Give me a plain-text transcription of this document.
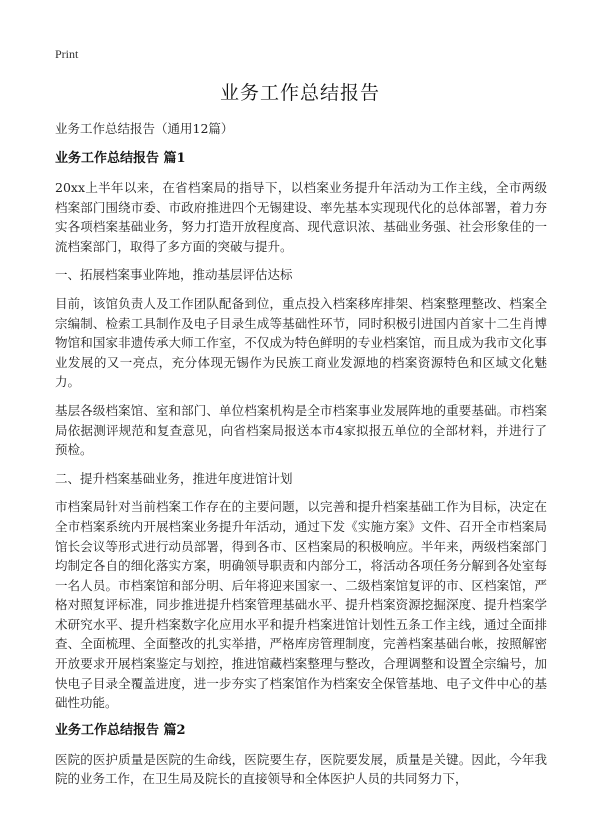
Print
业务工作总结报告

业务工作总结报告（通用12篇）

业务工作总结报告 篇1

20xx上半年以来，在省档案局的指导下，以档案业务提升年活动为工作主线，全市两级档案部门围绕市委、市政府推进四个无锡建设、率先基本实现现代化的总体部署，着力夯实各项档案基础业务，努力打造开放程度高、现代意识浓、基础业务强、社会形象佳的一流档案部门，取得了多方面的突破与提升。

一、拓展档案事业阵地，推动基层评估达标

目前，该馆负责人及工作团队配备到位，重点投入档案移库排架、档案整理整改、档案全宗编制、检索工具制作及电子目录生成等基础性环节，同时积极引进国内首家十二生肖博物馆和国家非遗传承大师工作室，不仅成为特色鲜明的专业档案馆，而且成为我市文化事业发展的又一亮点，充分体现无锡作为民族工商业发源地的档案资源特色和区域文化魅力。

基层各级档案馆、室和部门、单位档案机构是全市档案事业发展阵地的重要基础。市档案局依据测评规范和复查意见，向省档案局报送本市4家拟报五单位的全部材料，并进行了预检。

二、提升档案基础业务，推进年度进馆计划

市档案局针对当前档案工作存在的主要问题，以完善和提升档案基础工作为目标，决定在全市档案系统内开展档案业务提升年活动，通过下发《实施方案》文件、召开全市档案局馆长会议等形式进行动员部署，得到各市、区档案局的积极响应。半年来，两级档案部门均制定各自的细化落实方案，明确领导职责和内部分工，将活动各项任务分解到各处室每一名人员。市档案馆和部分明、后年将迎来国家一、二级档案馆复评的市、区档案馆，严格对照复评标准，同步推进提升档案管理基础水平、提升档案资源挖掘深度、提升档案学术研究水平、提升档案数字化应用水平和提升档案进馆计划性五条工作主线，通过全面排查、全面梳理、全面整改的扎实举措，严格库房管理制度，完善档案基础台帐，按照解密开放要求开展档案鉴定与划控，推进馆藏档案整理与整改，合理调整和设置全宗编号，加快电子目录全覆盖进度，进一步夯实了档案馆作为档案安全保管基地、电子文件中心的基础性功能。

业务工作总结报告 篇2

医院的医护质量是医院的生命线，医院要生存，医院要发展，质量是关键。因此，今年我院的业务工作，在卫生局及院长的直接领导和全体医护人员的共同努力下，
